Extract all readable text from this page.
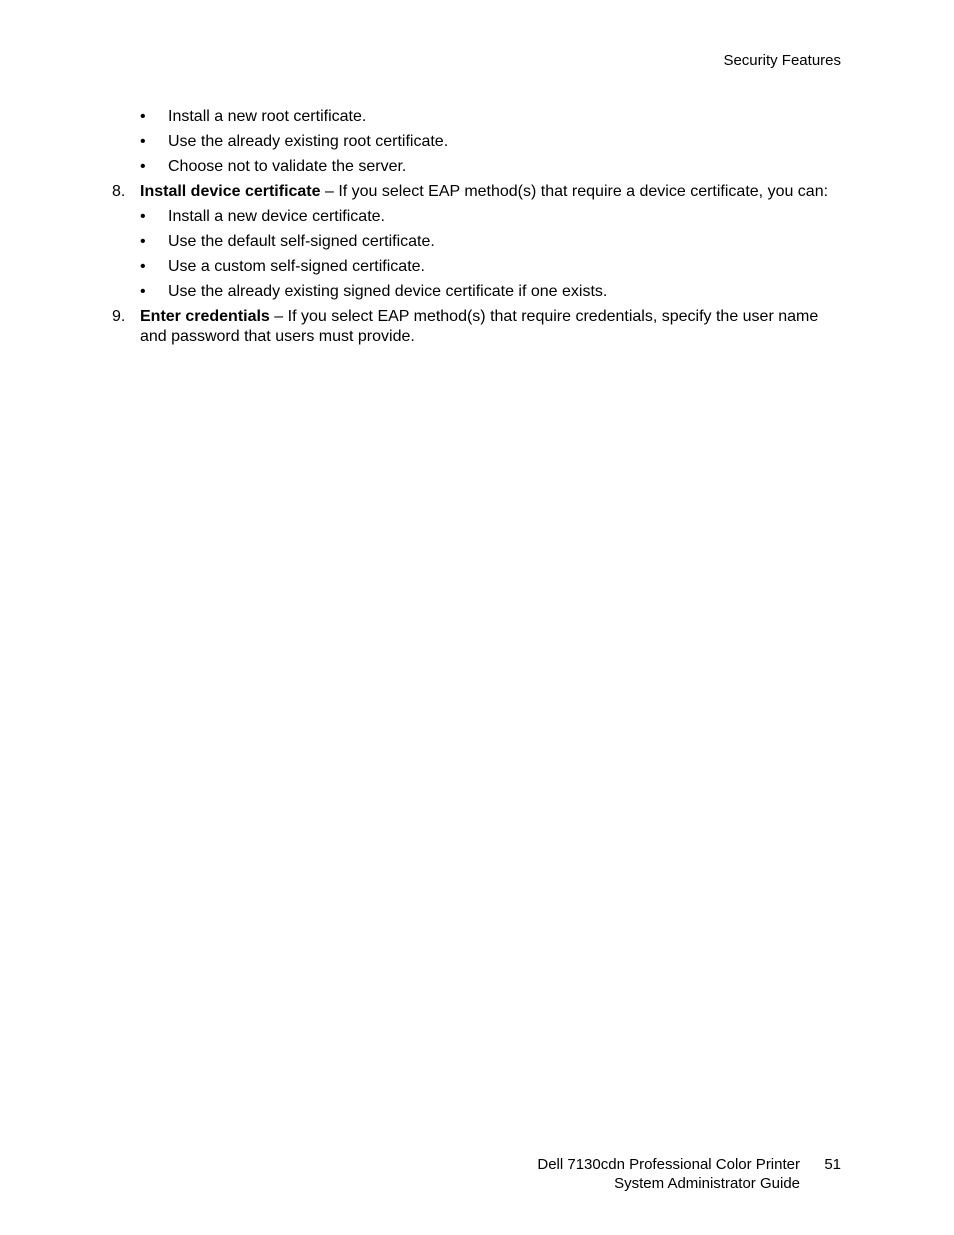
Security Features
• Install a new root certificate.
• Use the already existing root certificate.
• Choose not to validate the server.
8. Install device certificate – If you select EAP method(s) that require a device certificate, you can:
• Install a new device certificate.
• Use the default self-signed certificate.
• Use a custom self-signed certificate.
• Use the already existing signed device certificate if one exists.
9. Enter credentials – If you select EAP method(s) that require credentials, specify the user name and password that users must provide.
Dell 7130cdn Professional Color Printer
System Administrator Guide
51
